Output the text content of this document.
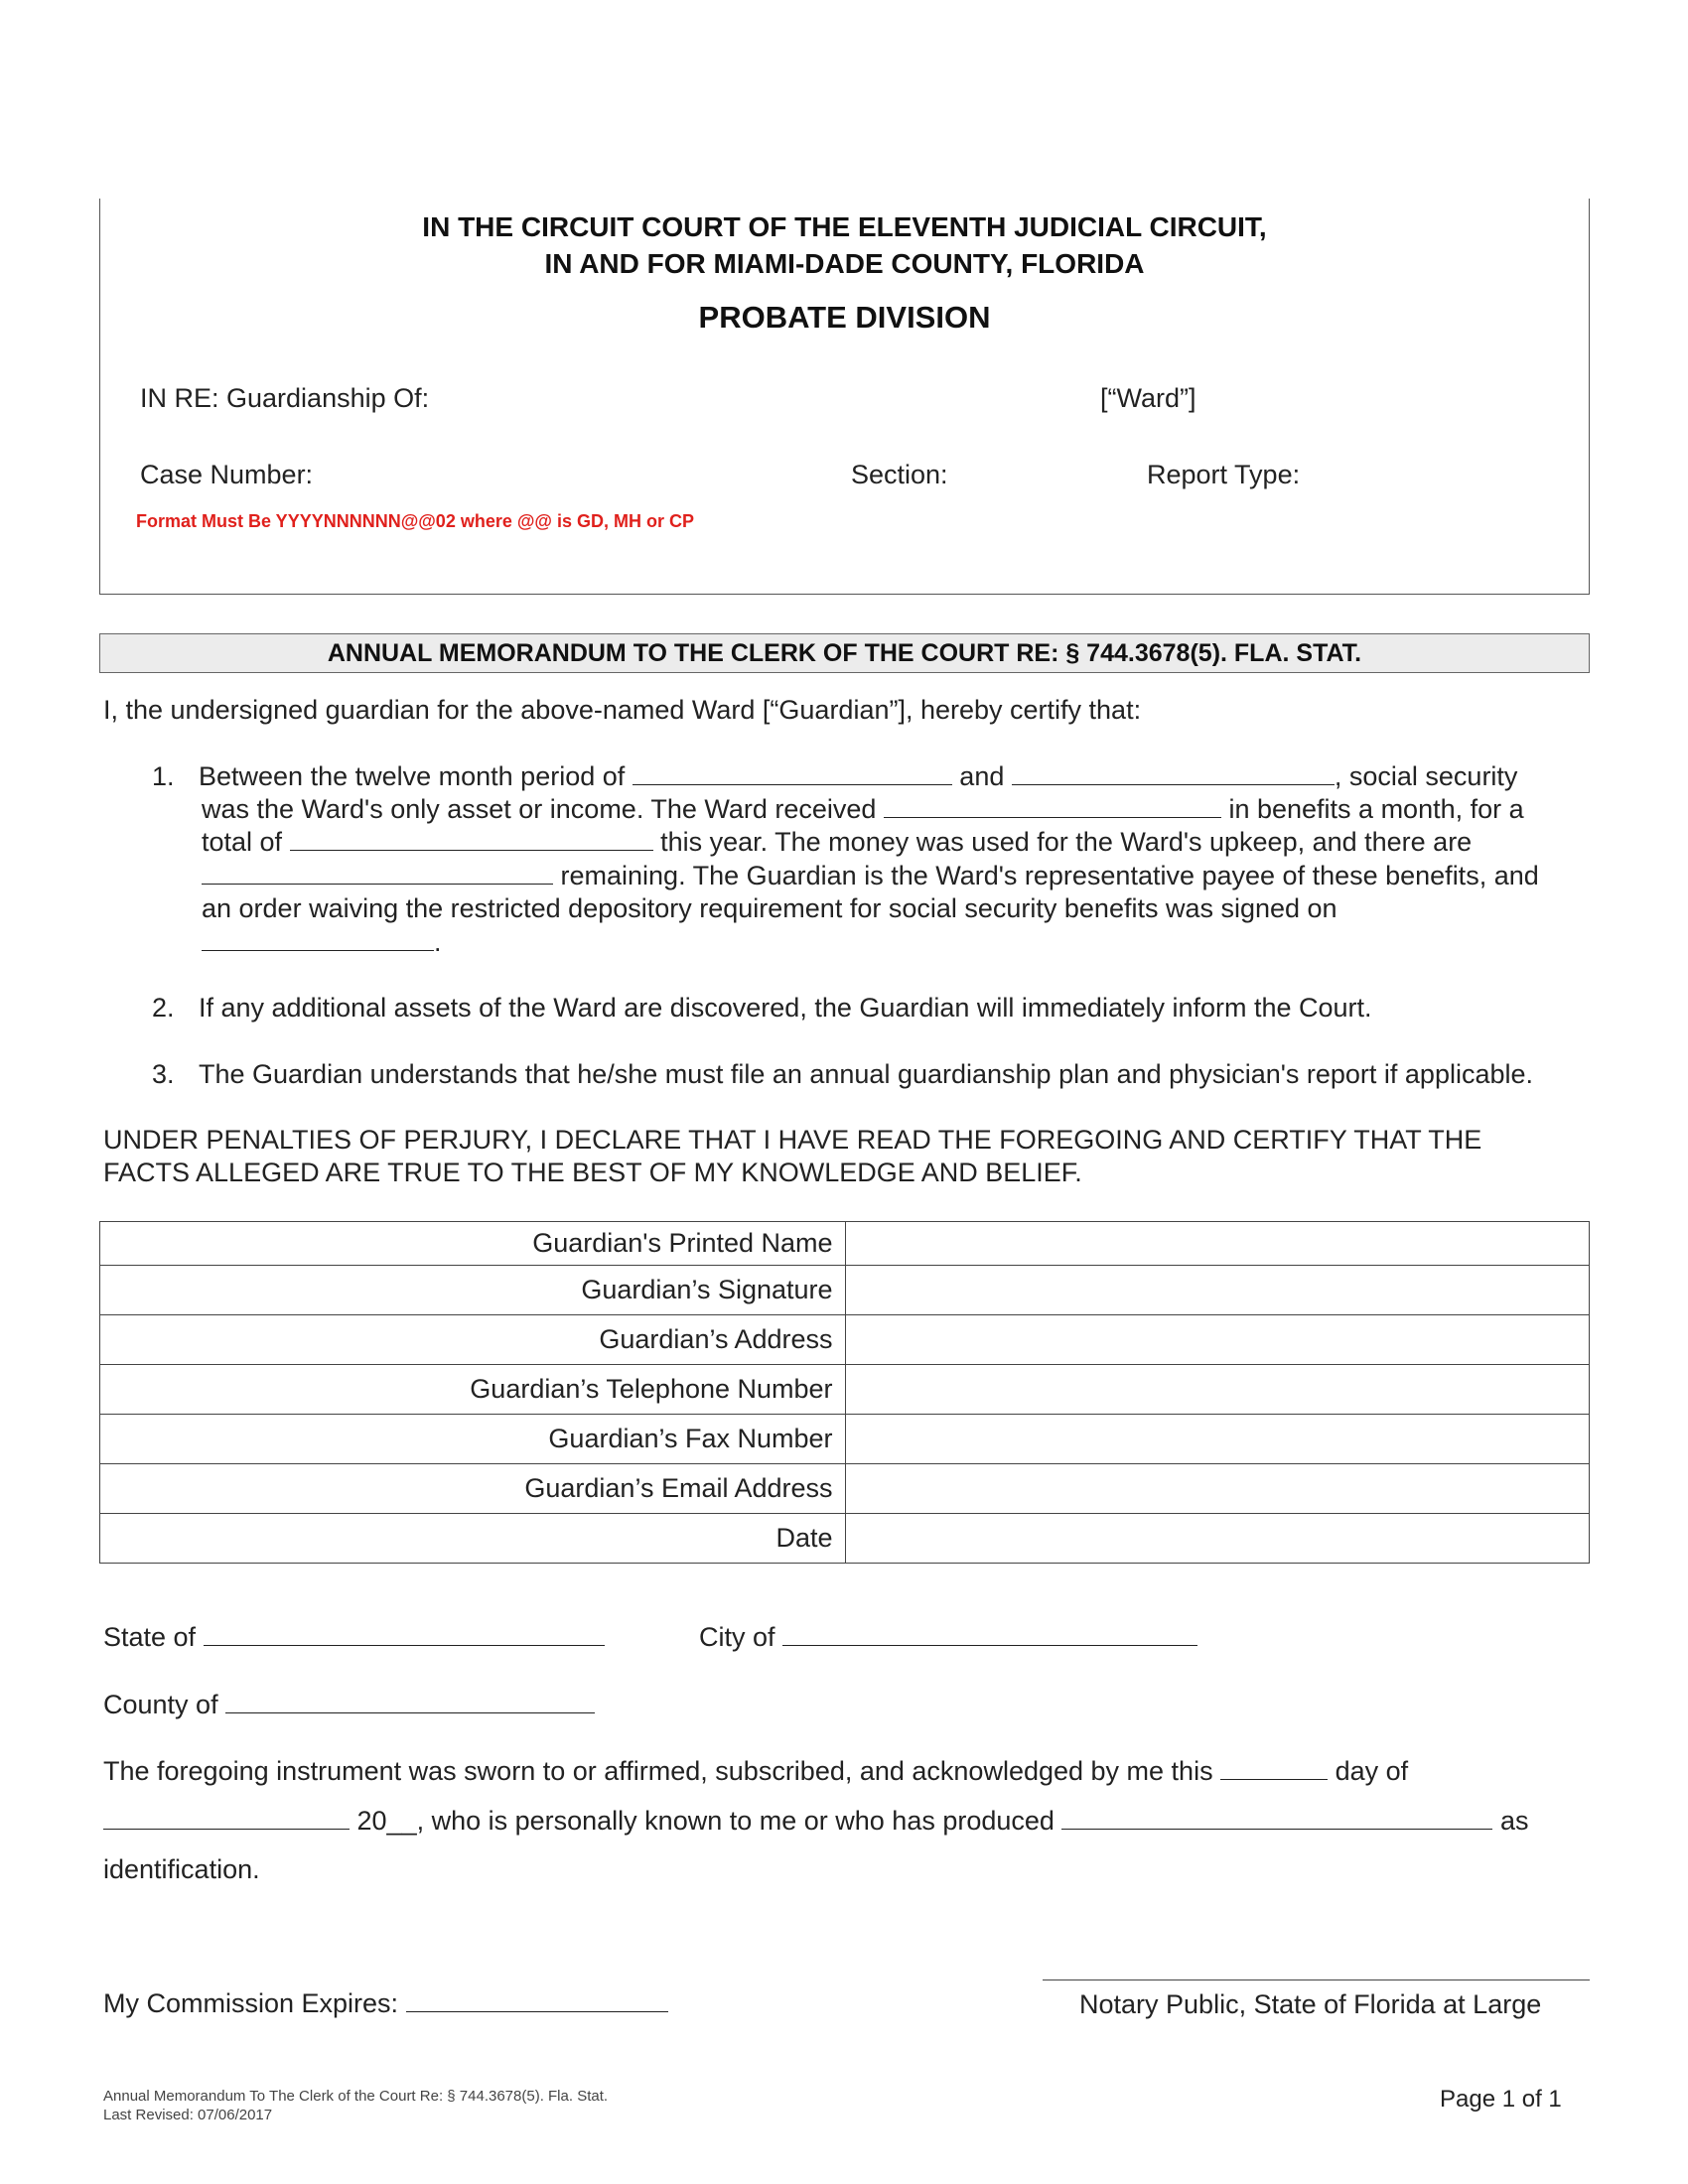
IN THE CIRCUIT COURT OF THE ELEVENTH JUDICIAL CIRCUIT,
IN AND FOR MIAMI-DADE COUNTY, FLORIDA
PROBATE DIVISION
IN RE: Guardianship Of:	[“Ward”]
Case Number:	Section:	Report Type:
Format Must Be YYYYNNNNNN@@02 where @@ is GD, MH or CP
ANNUAL MEMORANDUM TO THE CLERK OF THE COURT RE: § 744.3678(5). FLA. STAT.
I, the undersigned guardian for the above-named Ward [“Guardian”], hereby certify that:
1. Between the twelve month period of	and	, social security
was the Ward's only asset or income. The Ward received	in benefits a month, for a
total of	this year. The money was used for the Ward's upkeep, and there are
remaining. The Guardian is the Ward's representative payee of these benefits, and
an order waiving the restricted depository requirement for social security benefits was signed on
.
2. If any additional assets of the Ward are discovered, the Guardian will immediately inform the Court.
3. The Guardian understands that he/she must file an annual guardianship plan and physician's report if applicable.
UNDER PENALTIES OF PERJURY, I DECLARE THAT I HAVE READ THE FOREGOING AND CERTIFY THAT THE
FACTS ALLEGED ARE TRUE TO THE BEST OF MY KNOWLEDGE AND BELIEF.
Guardian's Printed Name	
Guardian’s Signature	
Guardian’s Address	
Guardian’s Telephone Number	
Guardian’s Fax Number	
Guardian’s Email Address	
Date	
State of	City of
County of
The foregoing instrument was sworn to or affirmed, subscribed, and acknowledged by me this	day of
20__, who is personally known to me or who has produced	as
identification.
My Commission Expires:	Notary Public, State of Florida at Large
Annual Memorandum To The Clerk of the Court Re: § 744.3678(5). Fla. Stat.
Last Revised: 07/06/2017
Page 1 of 1
